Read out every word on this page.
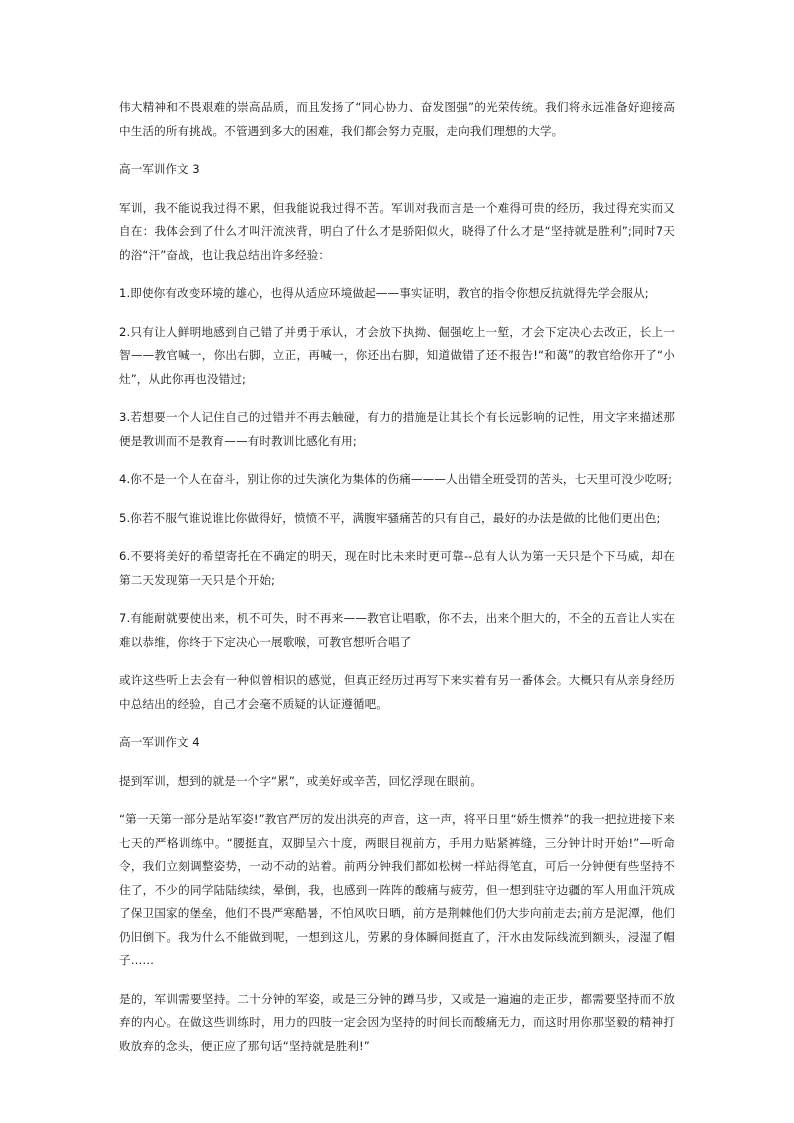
伟大精神和不畏艰难的崇高品质，而且发扬了“同心协力、奋发图强”的光荣传统。我们将永远准备好迎接高中生活的所有挑战。不管遇到多大的困难，我们都会努力克服，走向我们理想的大学。

高一军训作文 3

军训，我不能说我过得不累，但我能说我过得不苦。军训对我而言是一个难得可贵的经历，我过得充实而又自在：我体会到了什么才叫汗流浃背，明白了什么才是骄阳似火，晓得了什么才是“坚持就是胜利”;同时7天的浴“汗”奋战，也让我总结出许多经验：

1.即使你有改变环境的雄心，也得从适应环境做起——事实证明，教官的指令你想反抗就得先学会服从;

2.只有让人鲜明地感到自己错了并勇于承认，才会放下执拗、倔强屹上一堑，才会下定决心去改正，长上一智——教官喊一，你出右脚，立正，再喊一，你还出右脚，知道做错了还不报告!“和蔼”的教官给你开了“小灶”，从此你再也没错过;

3.若想要一个人记住自己的过错并不再去触碰，有力的措施是让其长个有长远影响的记性，用文字来描述那便是教训而不是教育——有时教训比感化有用;

4.你不是一个人在奋斗，别让你的过失演化为集体的伤痛———人出错全班受罚的苦头，七天里可没少吃呀;

5.你若不服气谁说谁比你做得好，愤愤不平，满腹牢骚痛苦的只有自己，最好的办法是做的比他们更出色;

6.不要将美好的希望寄托在不确定的明天，现在时比未来时更可靠--总有人认为第一天只是个下马威，却在第二天发现第一天只是个开始;

7.有能耐就要使出来，机不可失，时不再来——教官让唱歌，你不去，出来个胆大的，不全的五音让人实在难以恭维，你终于下定决心一展歌喉，可教官想听合唱了

或许这些听上去会有一种似曾相识的感觉，但真正经历过再写下来实着有另一番体会。大概只有从亲身经历中总结出的经验，自己才会毫不质疑的认证遵循吧。

高一军训作文 4

提到军训，想到的就是一个字“累”，或美好或辛苦，回忆浮现在眼前。

“第一天第一部分是站军姿!”教官严厉的发出洪亮的声音，这一声，将平日里“娇生惯养”的我一把拉进接下来七天的严格训练中。“腰挺直，双脚呈六十度，两眼目视前方，手用力贴紧裤缝，三分钟计时开始!”—听命令，我们立刻调整姿势，一动不动的站着。前两分钟我们都如松树一样站得笔直，可后一分钟便有些坚持不住了，不少的同学陆陆续续，晕倒，我，也感到一阵阵的酸痛与疲劳，但一想到驻守边疆的军人用血汗筑成了保卫国家的堡垒，他们不畏严寒酷暑，不怕风吹日晒，前方是荆棘他们仍大步向前走去;前方是泥潭，他们仍旧倒下。我为什么不能做到呢，一想到这儿，劳累的身体瞬间挺直了，汗水由发际线流到额头，浸湿了帽子……

是的，军训需要坚持。二十分钟的军姿，或是三分钟的蹲马步，又或是一遍遍的走正步，都需要坚持而不放弃的内心。在做这些训练时，用力的四肢一定会因为坚持的时间长而酸痛无力，而这时用你那坚毅的精神打败放弃的念头，便正应了那句话“坚持就是胜利!”
